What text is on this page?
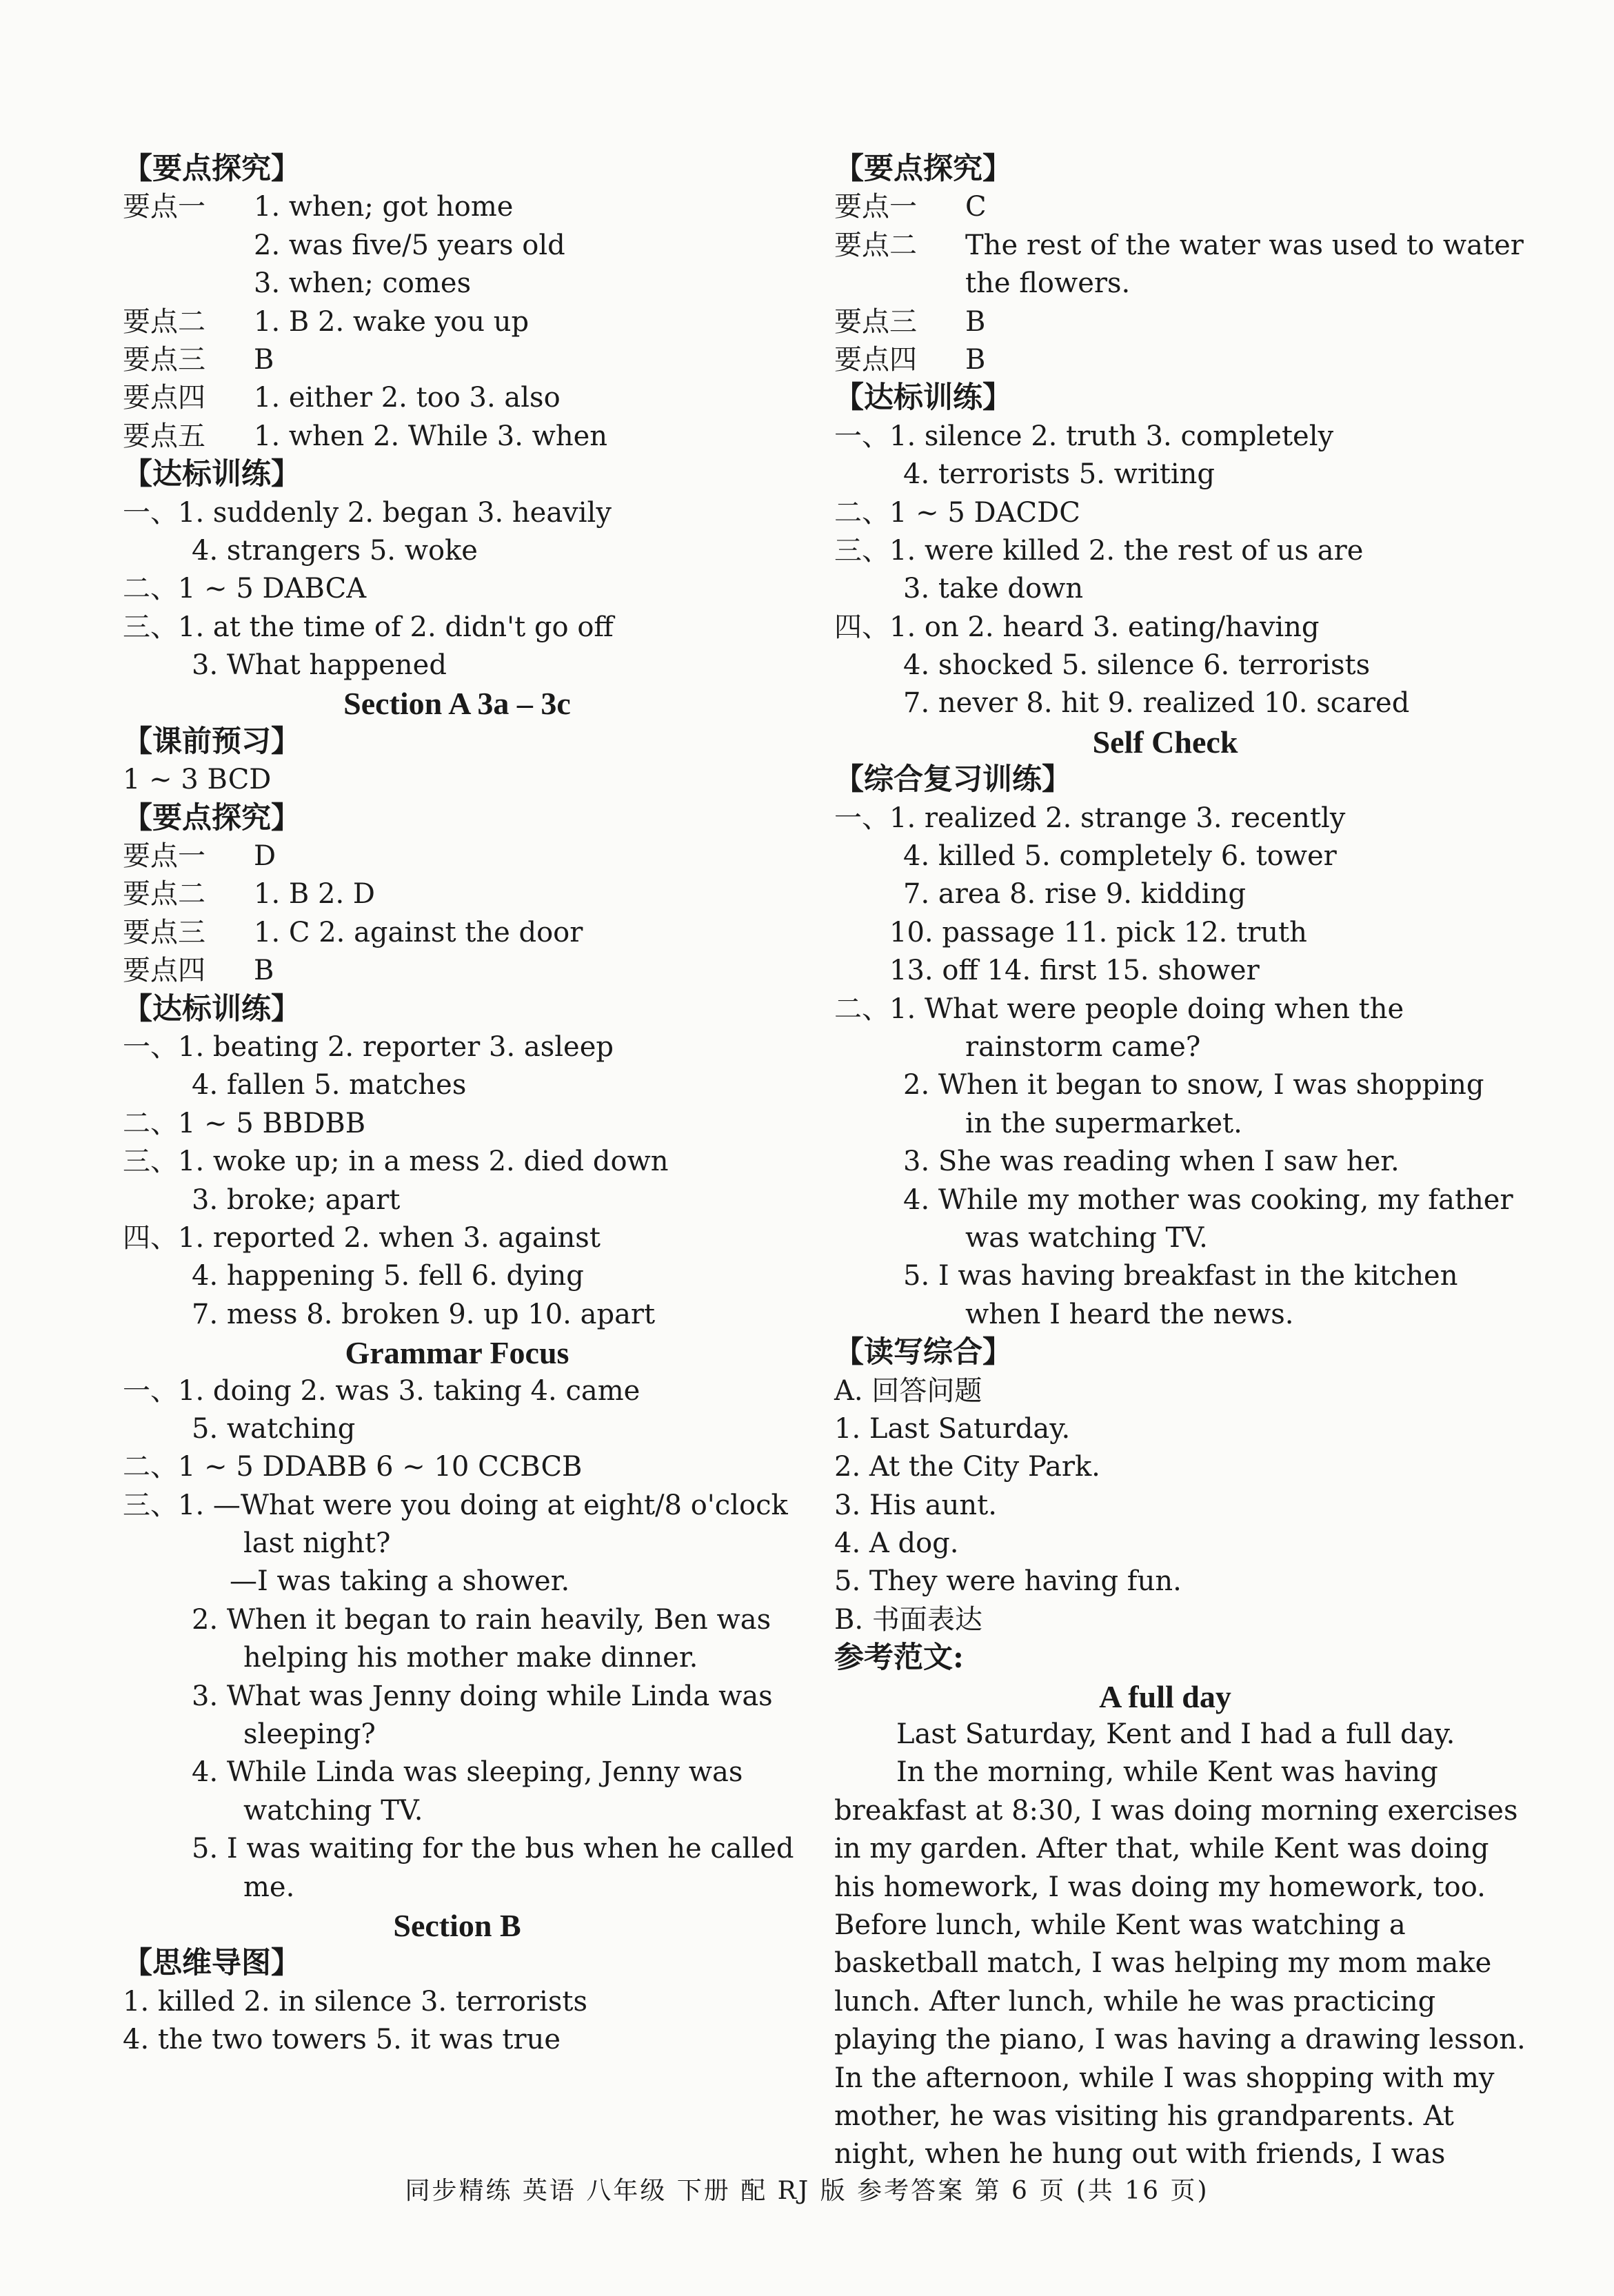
【要点探究】
要点一 1. when; got home
2. was five/5 years old
3. when; comes
要点二 1. B 2. wake you up
要点三 B
要点四 1. either 2. too 3. also
要点五 1. when 2. While 3. when
【达标训练】
一、1. suddenly 2. began 3. heavily
4. strangers 5. woke
二、1 ~ 5 DABCA
三、1. at the time of 2. didn't go off
3. What happened
Section A 3a – 3c
【课前预习】
1 ~ 3 BCD
【要点探究】
要点一 D
要点二 1. B 2. D
要点三 1. C 2. against the door
要点四 B
【达标训练】
一、1. beating 2. reporter 3. asleep
4. fallen 5. matches
二、1 ~ 5 BBDBB
三、1. woke up; in a mess 2. died down
3. broke; apart
四、1. reported 2. when 3. against
4. happening 5. fell 6. dying
7. mess 8. broken 9. up 10. apart
Grammar Focus
一、1. doing 2. was 3. taking 4. came
5. watching
二、1 ~ 5 DDABB 6 ~ 10 CCBCB
三、1. —What were you doing at eight/8 o'clock
last night?
—I was taking a shower.
2. When it began to rain heavily, Ben was
helping his mother make dinner.
3. What was Jenny doing while Linda was
sleeping?
4. While Linda was sleeping, Jenny was
watching TV.
5. I was waiting for the bus when he called
me.
Section B
【思维导图】
1. killed 2. in silence 3. terrorists
4. the two towers 5. it was true
【要点探究】
要点一 C
要点二 The rest of the water was used to water
the flowers.
要点三 B
要点四 B
【达标训练】
一、1. silence 2. truth 3. completely
4. terrorists 5. writing
二、1 ~ 5 DACDC
三、1. were killed 2. the rest of us are
3. take down
四、1. on 2. heard 3. eating/having
4. shocked 5. silence 6. terrorists
7. never 8. hit 9. realized 10. scared
Self Check
【综合复习训练】
一、1. realized 2. strange 3. recently
4. killed 5. completely 6. tower
7. area 8. rise 9. kidding
10. passage 11. pick 12. truth
13. off 14. first 15. shower
二、1. What were people doing when the
rainstorm came?
2. When it began to snow, I was shopping
in the supermarket.
3. She was reading when I saw her.
4. While my mother was cooking, my father
was watching TV.
5. I was having breakfast in the kitchen
when I heard the news.
【读写综合】
A. 回答问题
1. Last Saturday.
2. At the City Park.
3. His aunt.
4. A dog.
5. They were having fun.
B. 书面表达
参考范文:
A full day
Last Saturday, Kent and I had a full day.
In the morning, while Kent was having
breakfast at 8:30, I was doing morning exercises
in my garden. After that, while Kent was doing
his homework, I was doing my homework, too.
Before lunch, while Kent was watching a
basketball match, I was helping my mom make
lunch. After lunch, while he was practicing
playing the piano, I was having a drawing lesson.
In the afternoon, while I was shopping with my
mother, he was visiting his grandparents. At
night, when he hung out with friends, I was
同步精练 英语 八年级 下册 配 RJ 版 参考答案 第 6 页 (共 16 页)
